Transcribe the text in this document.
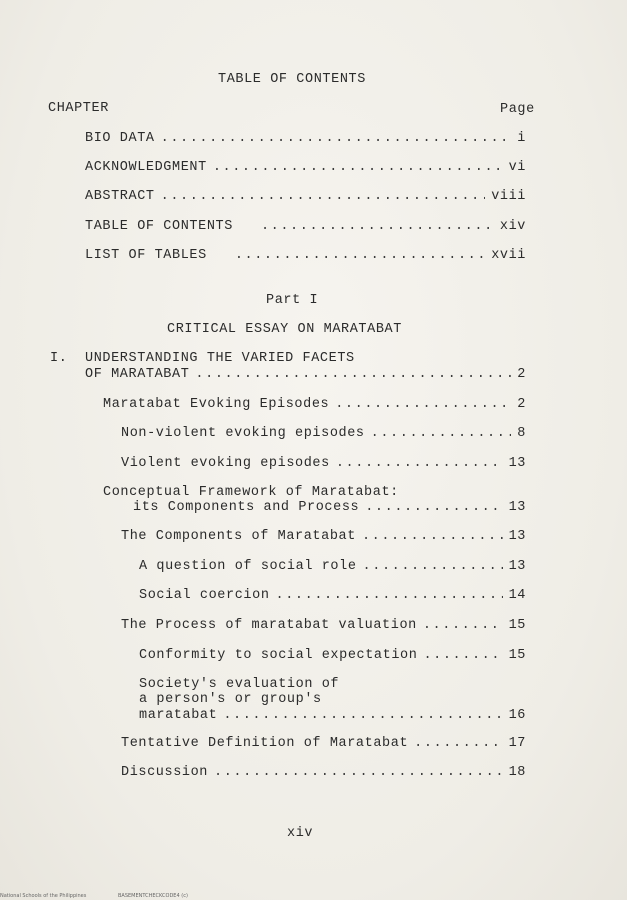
TABLE OF CONTENTS
CHAPTER	Page
BIO DATA .....	i
ACKNOWLEDGMENT .....	vi
ABSTRACT .....	viii
TABLE OF CONTENTS .....	xiv
LIST OF TABLES .....	xvii
Part I
CRITICAL ESSAY ON MARATABAT
I. UNDERSTANDING THE VARIED FACETS
OF MARATABAT .....	2
Maratabat Evoking Episodes .....	2
Non-violent evoking episodes .....	8
Violent evoking episodes .....	13
Conceptual Framework of Maratabat:
its Components and Process .....	13
The Components of Maratabat .....	13
A question of social role .....	13
Social coercion .....	14
The Process of maratabat valuation .....	15
Conformity to social expectation .....	15
Society's evaluation of
a person's or group's
maratabat .....	16
Tentative Definition of Maratabat .....	17
Discussion .....	18
xiv
National Schools of the Philippines	BASEMENTCHECKCODE4 (c)
